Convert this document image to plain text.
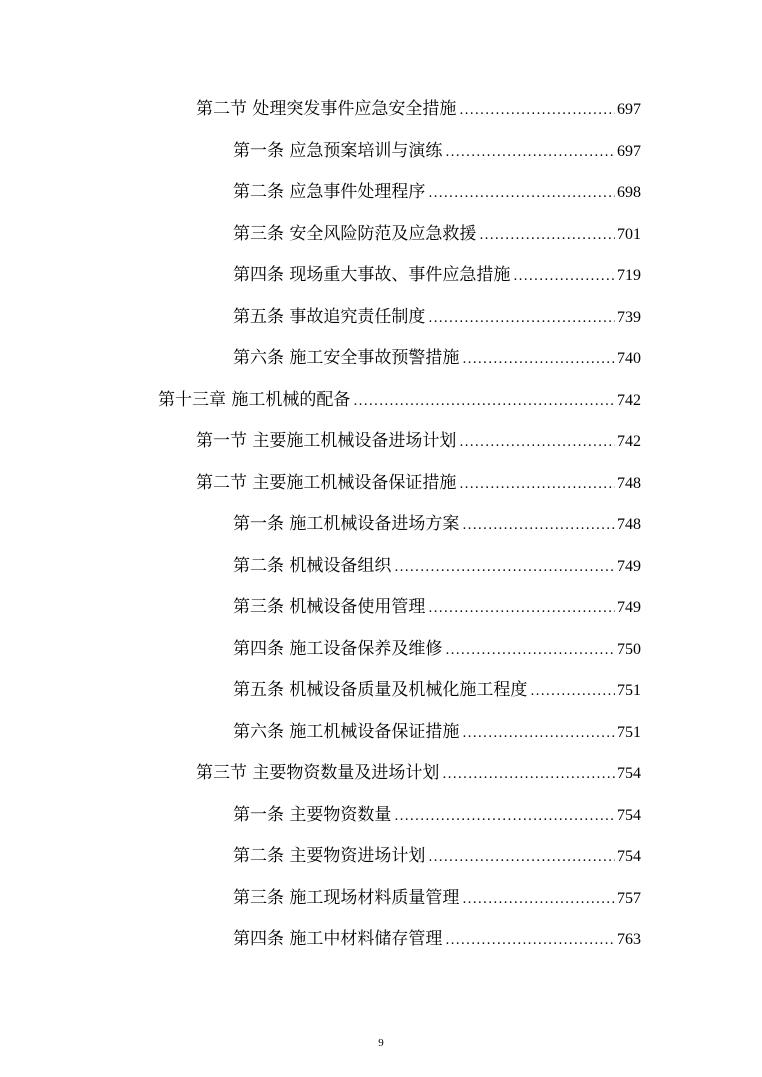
第二节 处理突发事件应急安全措施 .....	697
第一条 应急预案培训与演练 .....	697
第二条 应急事件处理程序 .....	698
第三条 安全风险防范及应急救援 .....	701
第四条 现场重大事故、事件应急措施 .....	719
第五条 事故追究责任制度 .....	739
第六条 施工安全事故预警措施 .....	740
第十三章 施工机械的配备 .....	742
第一节 主要施工机械设备进场计划 .....	742
第二节 主要施工机械设备保证措施 .....	748
第一条 施工机械设备进场方案 .....	748
第二条 机械设备组织 .....	749
第三条 机械设备使用管理 .....	749
第四条 施工设备保养及维修 .....	750
第五条 机械设备质量及机械化施工程度 .....	751
第六条 施工机械设备保证措施 .....	751
第三节 主要物资数量及进场计划 .....	754
第一条 主要物资数量 .....	754
第二条 主要物资进场计划 .....	754
第三条 施工现场材料质量管理 .....	757
第四条 施工中材料储存管理 .....	763
9
